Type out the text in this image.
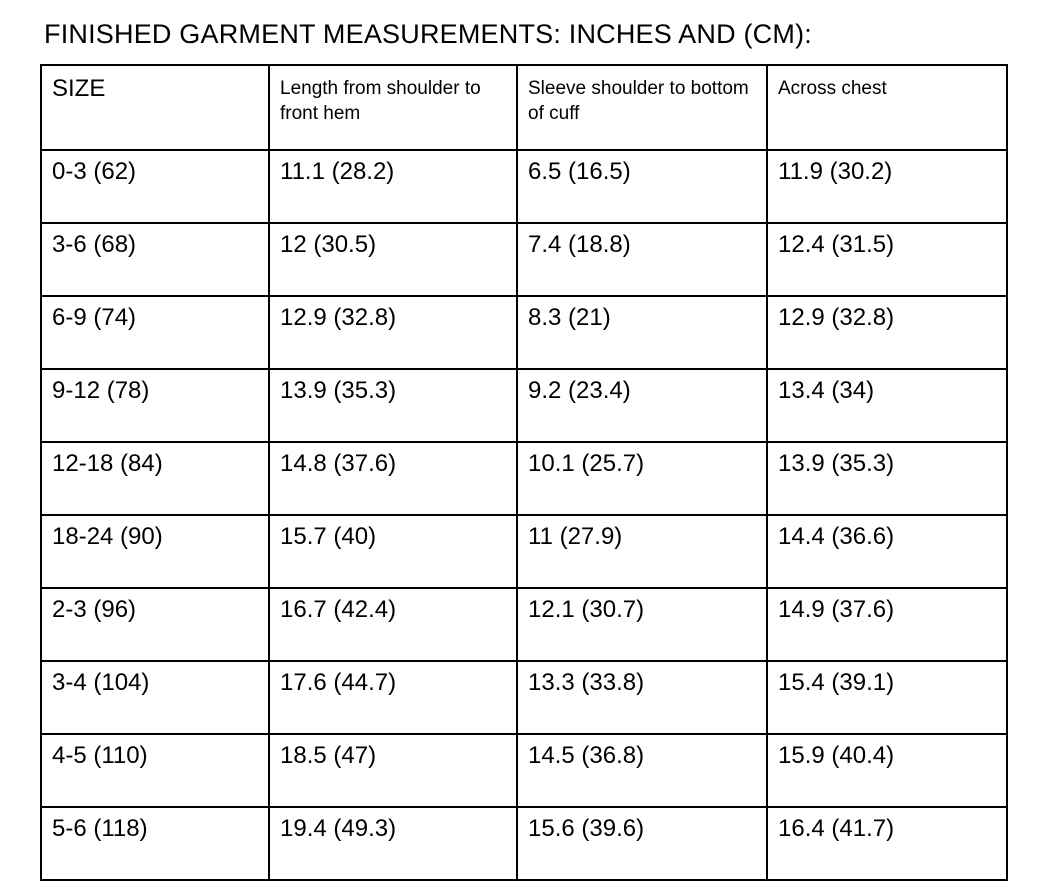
FINISHED GARMENT MEASUREMENTS: INCHES AND (CM):
SIZE	Length from shoulder to front hem	Sleeve shoulder to bottom of cuff	Across chest
0-3 (62)	11.1 (28.2)	6.5 (16.5)	11.9 (30.2)
3-6 (68)	12 (30.5)	7.4 (18.8)	12.4 (31.5)
6-9 (74)	12.9 (32.8)	8.3 (21)	12.9 (32.8)
9-12 (78)	13.9 (35.3)	9.2 (23.4)	13.4 (34)
12-18 (84)	14.8 (37.6)	10.1 (25.7)	13.9 (35.3)
18-24 (90)	15.7 (40)	11 (27.9)	14.4 (36.6)
2-3 (96)	16.7 (42.4)	12.1 (30.7)	14.9 (37.6)
3-4 (104)	17.6 (44.7)	13.3 (33.8)	15.4 (39.1)
4-5 (110)	18.5 (47)	14.5 (36.8)	15.9 (40.4)
5-6 (118)	19.4 (49.3)	15.6 (39.6)	16.4 (41.7)
